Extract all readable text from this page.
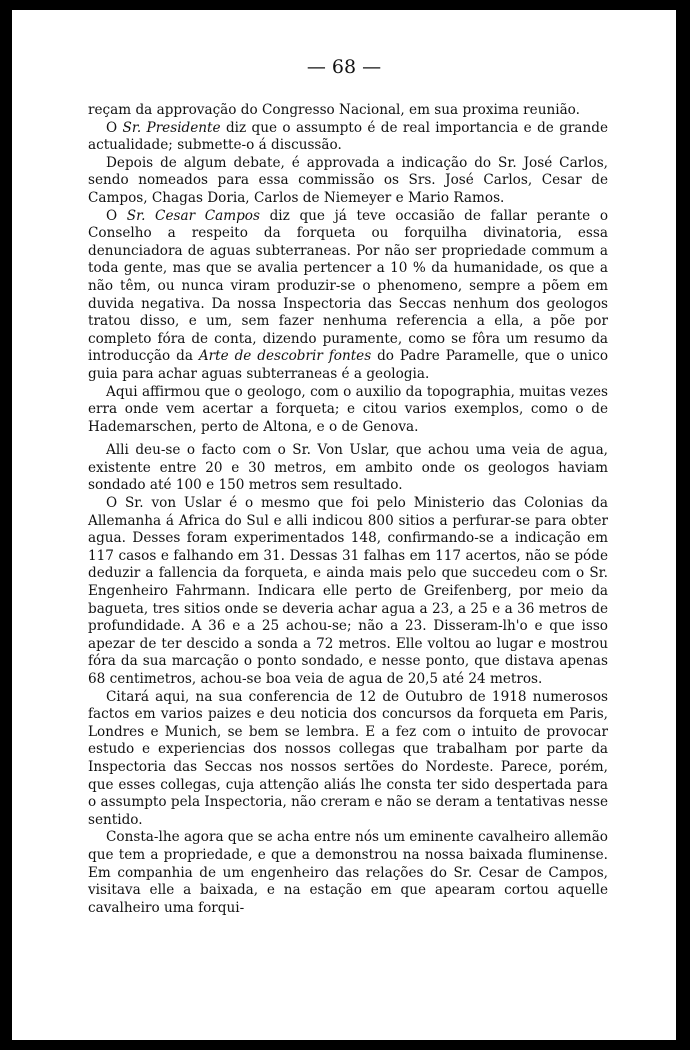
— 68 —

reçam da approvação do Congresso Nacional, em sua proxima reunião.

O Sr. Presidente diz que o assumpto é de real importancia e de grande actualidade; submette-o á discussão.

Depois de algum debate, é approvada a indicação do Sr. José Carlos, sendo nomeados para essa commissão os Srs. José Carlos, Cesar de Campos, Chagas Doria, Carlos de Niemeyer e Mario Ramos.

O Sr. Cesar Campos diz que já teve occasião de fallar perante o Conselho a respeito da forqueta ou forquilha divinatoria, essa denunciadora de aguas subterraneas. Por não ser propriedade commum a toda gente, mas que se avalia pertencer a 10 % da humanidade, os que a não têm, ou nunca viram produzir-se o phenomeno, sempre a põem em duvida negativa. Da nossa Inspectoria das Seccas nenhum dos geologos tratou disso, e um, sem fazer nenhuma referencia a ella, a põe por completo fóra de conta, dizendo puramente, como se fôra um resumo da introducção da Arte de descobrir fontes do Padre Paramelle, que o unico guia para achar aguas subterraneas é a geologia.

Aqui affirmou que o geologo, com o auxilio da topographia, muitas vezes erra onde vem acertar a forqueta; e citou varios exemplos, como o de Hademarschen, perto de Altona, e o de Genova.

Alli deu-se o facto com o Sr. Von Uslar, que achou uma veia de agua, existente entre 20 e 30 metros, em ambito onde os geologos haviam sondado até 100 e 150 metros sem resultado.

O Sr. von Uslar é o mesmo que foi pelo Ministerio das Colonias da Allemanha á Africa do Sul e alli indicou 800 sitios a perfurar-se para obter agua. Desses foram experimentados 148, confirmando-se a indicação em 117 casos e falhando em 31. Dessas 31 falhas em 117 acertos, não se póde deduzir a fallencia da forqueta, e ainda mais pelo que succedeu com o Sr. Engenheiro Fahrmann. Indicara elle perto de Greifenberg, por meio da bagueta, tres sitios onde se deveria achar agua a 23, a 25 e a 36 metros de profundidade. A 36 e a 25 achou-se; não a 23. Disseram-lh'o e que isso apezar de ter descido a sonda a 72 metros. Elle voltou ao lugar e mostrou fóra da sua marcação o ponto sondado, e nesse ponto, que distava apenas 68 centimetros, achou-se boa veia de agua de 20,5 até 24 metros.

Citará aqui, na sua conferencia de 12 de Outubro de 1918 numerosos factos em varios paizes e deu noticia dos concursos da forqueta em Paris, Londres e Munich, se bem se lembra. E a fez com o intuito de provocar estudo e experiencias dos nossos collegas que trabalham por parte da Inspectoria das Seccas nos nossos sertões do Nordeste. Parece, porém, que esses collegas, cuja attenção aliás lhe consta ter sido despertada para o assumpto pela Inspectoria, não creram e não se deram a tentativas nesse sentido.

Consta-lhe agora que se acha entre nós um eminente cavalheiro allemão que tem a propriedade, e que a demonstrou na nossa baixada fluminense. Em companhia de um engenheiro das relações do Sr. Cesar de Campos, visitava elle a baixada, e na estação em que apearam cortou aquelle cavalheiro uma forqui-
